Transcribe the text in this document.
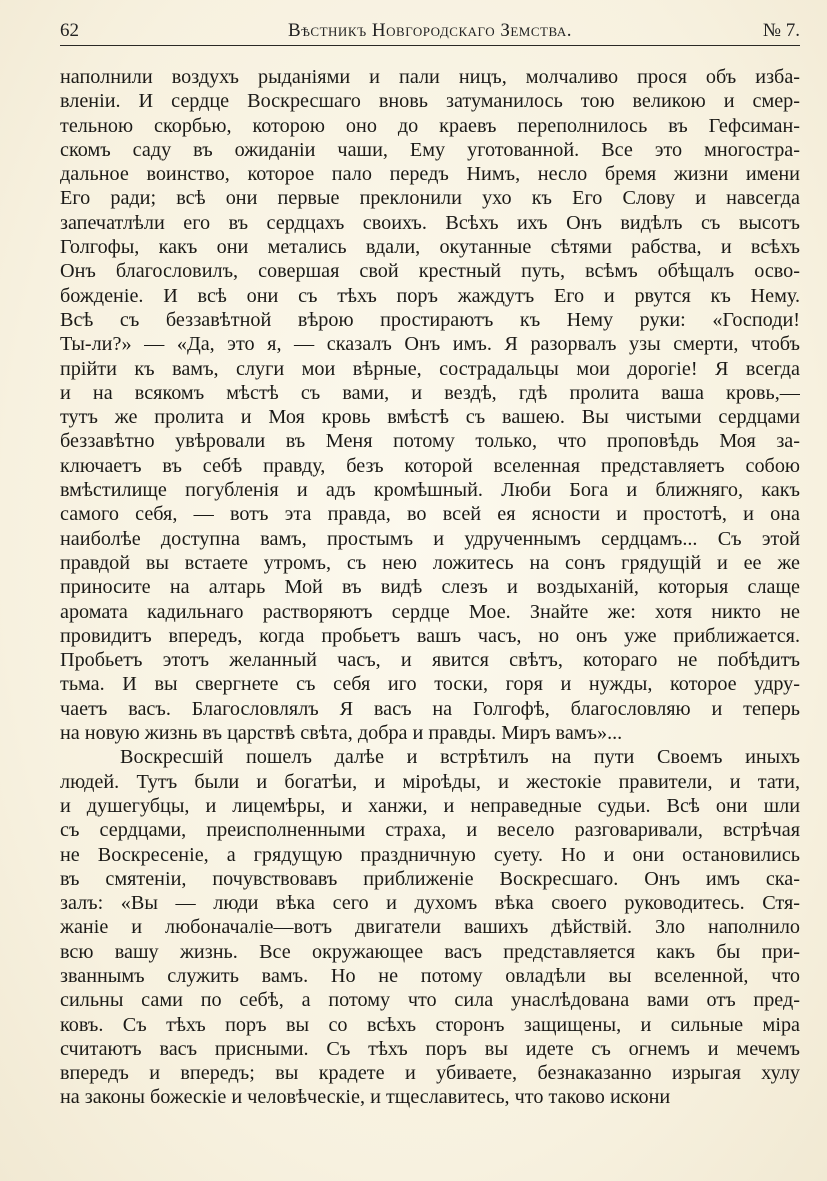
62	Вѣстникъ Новгородскаго Земства.	№ 7.
наполнили воздухъ рыданіями и пали ницъ, молчаливо прося объ изба-
вленіи. И сердце Воскресшаго вновь затуманилось тою великою и смер-
тельною скорбью, которою оно до краевъ переполнилось въ Гефсиман-
скомъ саду въ ожиданіи чаши, Ему уготованной. Все это многостра-
дальное воинство, которое пало передъ Нимъ, несло бремя жизни имени
Его ради; всѣ они первые преклонили ухо къ Его Слову и навсегда
запечатлѣли его въ сердцахъ своихъ. Всѣхъ ихъ Онъ видѣлъ съ высотъ
Голгофы, какъ они метались вдали, окутанные сѣтями рабства, и всѣхъ
Онъ благословилъ, совершая свой крестный путь, всѣмъ обѣщалъ осво-
божденіе. И всѣ они съ тѣхъ поръ жаждутъ Его и рвутся къ Нему.
Всѣ съ беззавѣтной вѣрою простираютъ къ Нему руки: «Господи!
Ты-ли?» — «Да, это я, — сказалъ Онъ имъ. Я разорвалъ узы смерти, чтобъ
прійти къ вамъ, слуги мои вѣрные, сострадальцы мои дорогіе! Я всегда
и на всякомъ мѣстѣ съ вами, и вездѣ, гдѣ пролита ваша кровь,—
тутъ же пролита и Моя кровь вмѣстѣ съ вашею. Вы чистыми сердцами
беззавѣтно увѣровали въ Меня потому только, что проповѣдь Моя за-
ключаетъ въ себѣ правду, безъ которой вселенная представляетъ собою
вмѣстилище погубленія и адъ кромѣшный. Люби Бога и ближняго, какъ
самого себя, — вотъ эта правда, во всей ея ясности и простотѣ, и она
наиболѣе доступна вамъ, простымъ и удрученнымъ сердцамъ... Съ этой
правдой вы встаете утромъ, съ нею ложитесь на сонъ грядущій и ее же
приносите на алтарь Мой въ видѣ слезъ и воздыханій, которыя слаще
аромата кадильнаго растворяютъ сердце Мое. Знайте же: хотя никто не
провидитъ впередъ, когда пробьетъ вашъ часъ, но онъ уже приближается.
Пробьетъ этотъ желанный часъ, и явится свѣтъ, котораго не побѣдитъ
тьма. И вы свергнете съ себя иго тоски, горя и нужды, которое удру-
чаетъ васъ. Благословлялъ Я васъ на Голгофѣ, благословляю и теперь
на новую жизнь въ царствѣ свѣта, добра и правды. Миръ вамъ»...
Воскресшій пошелъ далѣе и встрѣтилъ на пути Своемъ иныхъ
людей. Тутъ были и богатѣи, и міроѣды, и жестокіе правители, и тати,
и душегубцы, и лицемѣры, и ханжи, и неправедные судьи. Всѣ они шли
съ сердцами, преисполненными страха, и весело разговаривали, встрѣчая
не Воскресеніе, а грядущую праздничную суету. Но и они остановились
въ смятеніи, почувствовавъ приближеніе Воскресшаго. Онъ имъ ска-
залъ: «Вы — люди вѣка сего и духомъ вѣка своего руководитесь. Стя-
жаніе и любоначаліе—вотъ двигатели вашихъ дѣйствій. Зло наполнило
всю вашу жизнь. Все окружающее васъ представляется какъ бы при-
званнымъ служить вамъ. Но не потому овладѣли вы вселенной, что
сильны сами по себѣ, а потому что сила унаслѣдована вами отъ пред-
ковъ. Съ тѣхъ поръ вы со всѣхъ сторонъ защищены, и сильные міра
считаютъ васъ присными. Съ тѣхъ поръ вы идете съ огнемъ и мечемъ
впередъ и впередъ; вы крадете и убиваете, безнаказанно изрыгая хулу
на законы божескіе и человѣческіе, и тщеславитесь, что таково искони
